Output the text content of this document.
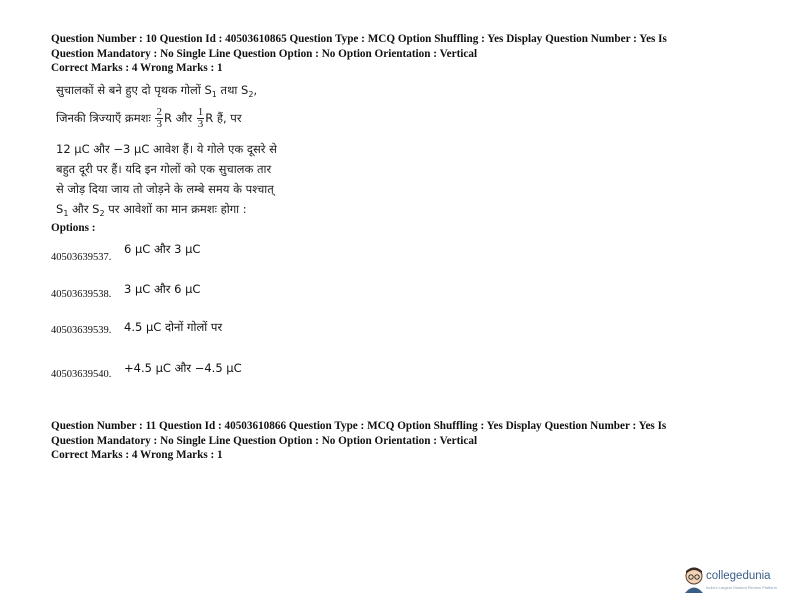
Question Number : 10 Question Id : 40503610865 Question Type : MCQ Option Shuffling : Yes Display Question Number : Yes Is
Question Mandatory : No Single Line Question Option : No Option Orientation : Vertical
Correct Marks : 4 Wrong Marks : 1
सुचालकों से बने हुए दो पृथक गोलों $S_1$ तथा $S_2$,
जिनकी त्रिज्याएँ क्रमशः $\frac{2}{3}$ R और $\frac{1}{3}$ R हैं, पर
12 μC और −3 μC आवेश हैं। ये गोले एक दूसरे से
बहुत दूरी पर हैं। यदि इन गोलों को एक सुचालक तार
से जोड़ दिया जाय तो जोड़ने के लम्बे समय के पश्चात्
$S_1$ और $S_2$ पर आवेशों का मान क्रमशः होगा :
Options :
40503639537.
6 μC और 3 μC
40503639538. 3 μC और 6 μC
40503639539. 4.5 μC दोनों गोलों पर
40503639540. +4.5 μC और −4.5 μC
Question Number : 11 Question Id : 40503610866 Question Type : MCQ Option Shuffling : Yes Display Question Number : Yes Is
Question Mandatory : No Single Line Question Option : No Option Orientation : Vertical
Correct Marks : 4 Wrong Marks : 1
collegedunia
India's Largest Student Review Platform
